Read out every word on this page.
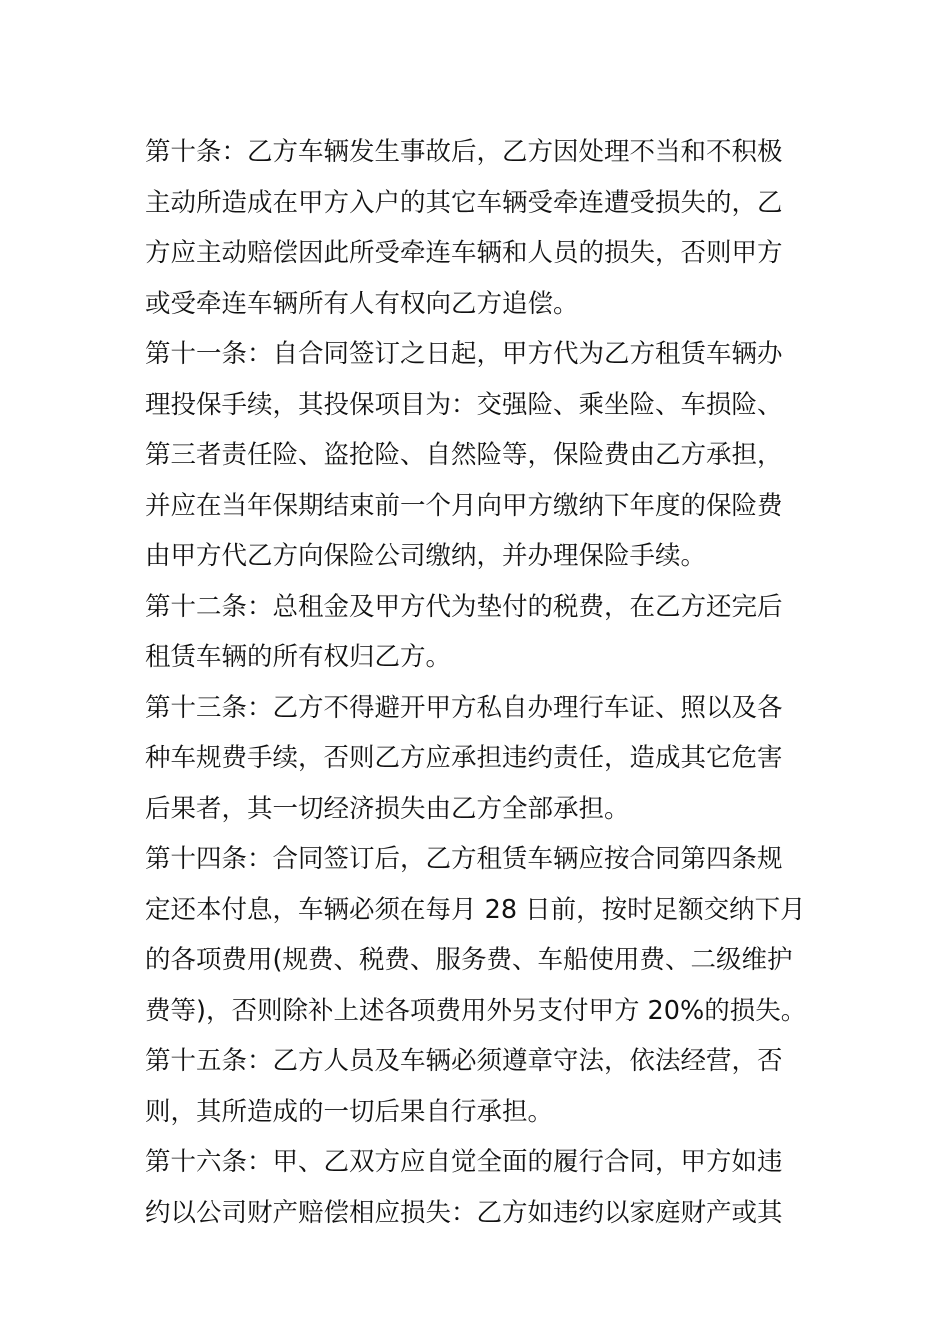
第十条：乙方车辆发生事故后，乙方因处理不当和不积极
主动所造成在甲方入户的其它车辆受牵连遭受损失的，乙
方应主动赔偿因此所受牵连车辆和人员的损失，否则甲方
或受牵连车辆所有人有权向乙方追偿。
第十一条：自合同签订之日起，甲方代为乙方租赁车辆办
理投保手续，其投保项目为：交强险、乘坐险、车损险、
第三者责任险、盗抢险、自然险等，保险费由乙方承担，
并应在当年保期结束前一个月向甲方缴纳下年度的保险费
由甲方代乙方向保险公司缴纳，并办理保险手续。
第十二条：总租金及甲方代为垫付的税费，在乙方还完后
租赁车辆的所有权归乙方。
第十三条：乙方不得避开甲方私自办理行车证、照以及各
种车规费手续，否则乙方应承担违约责任，造成其它危害
后果者，其一切经济损失由乙方全部承担。
第十四条：合同签订后，乙方租赁车辆应按合同第四条规
定还本付息，车辆必须在每月 28 日前，按时足额交纳下月
的各项费用(规费、税费、服务费、车船使用费、二级维护
费等)，否则除补上述各项费用外另支付甲方 20%的损失。
第十五条：乙方人员及车辆必须遵章守法，依法经营，否
则，其所造成的一切后果自行承担。
第十六条：甲、乙双方应自觉全面的履行合同，甲方如违
约以公司财产赔偿相应损失：乙方如违约以家庭财产或其
